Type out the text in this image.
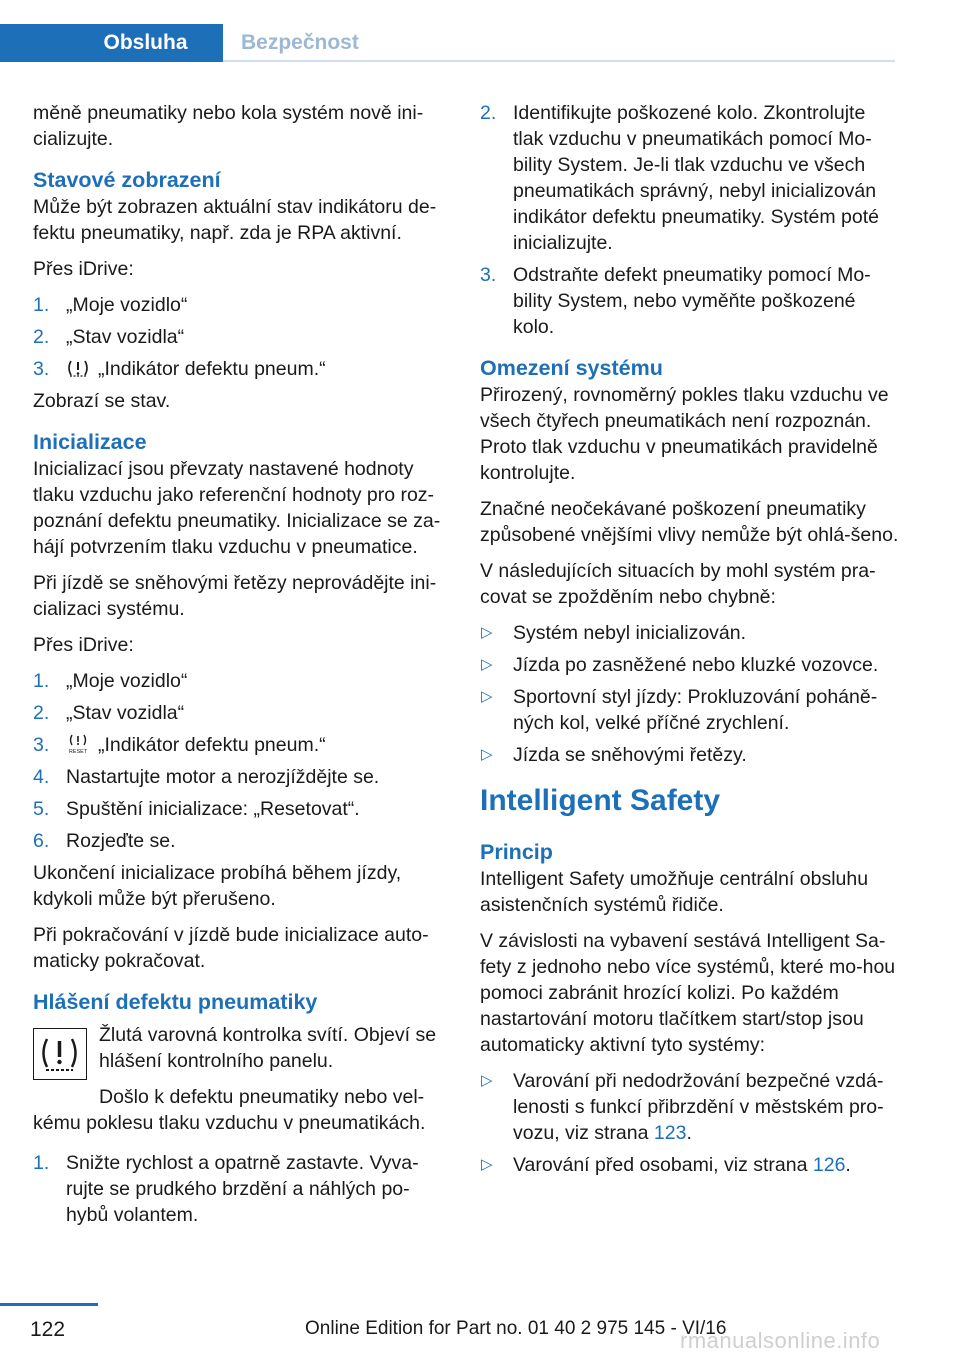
Obsluha	Bezpečnost

měně pneumatiky nebo kola systém nově ini‐cializujte.

Stavové zobrazení

Může být zobrazen aktuální stav indikátoru de‐fektu pneumatiky, např. zda je RPA aktivní.

Přes iDrive:

1. „Moje vozidlo“
2. „Stav vozidla“
3. „Indikátor defektu pneum.“

Zobrazí se stav.

Inicializace

Inicializací jsou převzaty nastavené hodnoty tlaku vzduchu jako referenční hodnoty pro roz‐poznání defektu pneumatiky. Inicializace se za‐hájí potvrzením tlaku vzduchu v pneumatice.

Při jízdě se sněhovými řetězy neprovádějte ini‐cializaci systému.

Přes iDrive:

1. „Moje vozidlo“
2. „Stav vozidla“
3.	RESET „Indikátor defektu pneum.“
4. Nastartujte motor a nerozjíždějte se.
5. Spuštění inicializace: „Resetovat“.
6. Rozjeďte se.

Ukončení inicializace probíhá během jízdy, kdykoli může být přerušeno.

Při pokračování v jízdě bude inicializace auto‐maticky pokračovat.

Hlášení defektu pneumatiky

Žlutá varovná kontrolka svítí. Objeví se hlášení kontrolního panelu.

Došlo k defektu pneumatiky nebo vel‐kému poklesu tlaku vzduchu v pneumatikách.

1. Snižte rychlost a opatrně zastavte. Vyva‐rujte se prudkého brzdění a náhlých po‐hybů volantem.
2. Identifikujte poškozené kolo. Zkontrolujte tlak vzduchu v pneumatikách pomocí Mo‐bility System. Je-li tlak vzduchu ve všech pneumatikách správný, nebyl inicializován indikátor defektu pneumatiky. Systém poté inicializujte.
3. Odstraňte defekt pneumatiky pomocí Mo‐bility System, nebo vyměňte poškozené kolo.
Omezení systému

Přirozený, rovnoměrný pokles tlaku vzduchu ve všech čtyřech pneumatikách není rozpoznán. Proto tlak vzduchu v pneumatikách pravidelně kontrolujte.

Značné neočekávané poškození pneumatiky způsobené vnějšími vlivy nemůže být ohlá‐šeno.

V následujících situacích by mohl systém pra‐covat se zpožděním nebo chybně:

▷ Systém nebyl inicializován.
▷ Jízda po zasněžené nebo kluzké vozovce.
▷ Sportovní styl jízdy: Prokluzování poháně‐ných kol, velké příčné zrychlení.
▷ Jízda se sněhovými řetězy.
Intelligent Safety
Princip

Intelligent Safety umožňuje centrální obsluhu asistenčních systémů řidiče.

V závislosti na vybavení sestává Intelligent Sa‐fety z jednoho nebo více systémů, které mo‐hou pomoci zabránit hrozící kolizi. Po každém nastartování motoru tlačítkem start/stop jsou automaticky aktivní tyto systémy:

▷ Varování při nedodržování bezpečné vzdá‐lenosti s funkcí přibrzdění v městském pro‐vozu, viz strana 123.
▷ Varování před osobami, viz strana 126.
122	Online Edition for Part no. 01 40 2 975 145 - VI/16
rmanualsonline.info
